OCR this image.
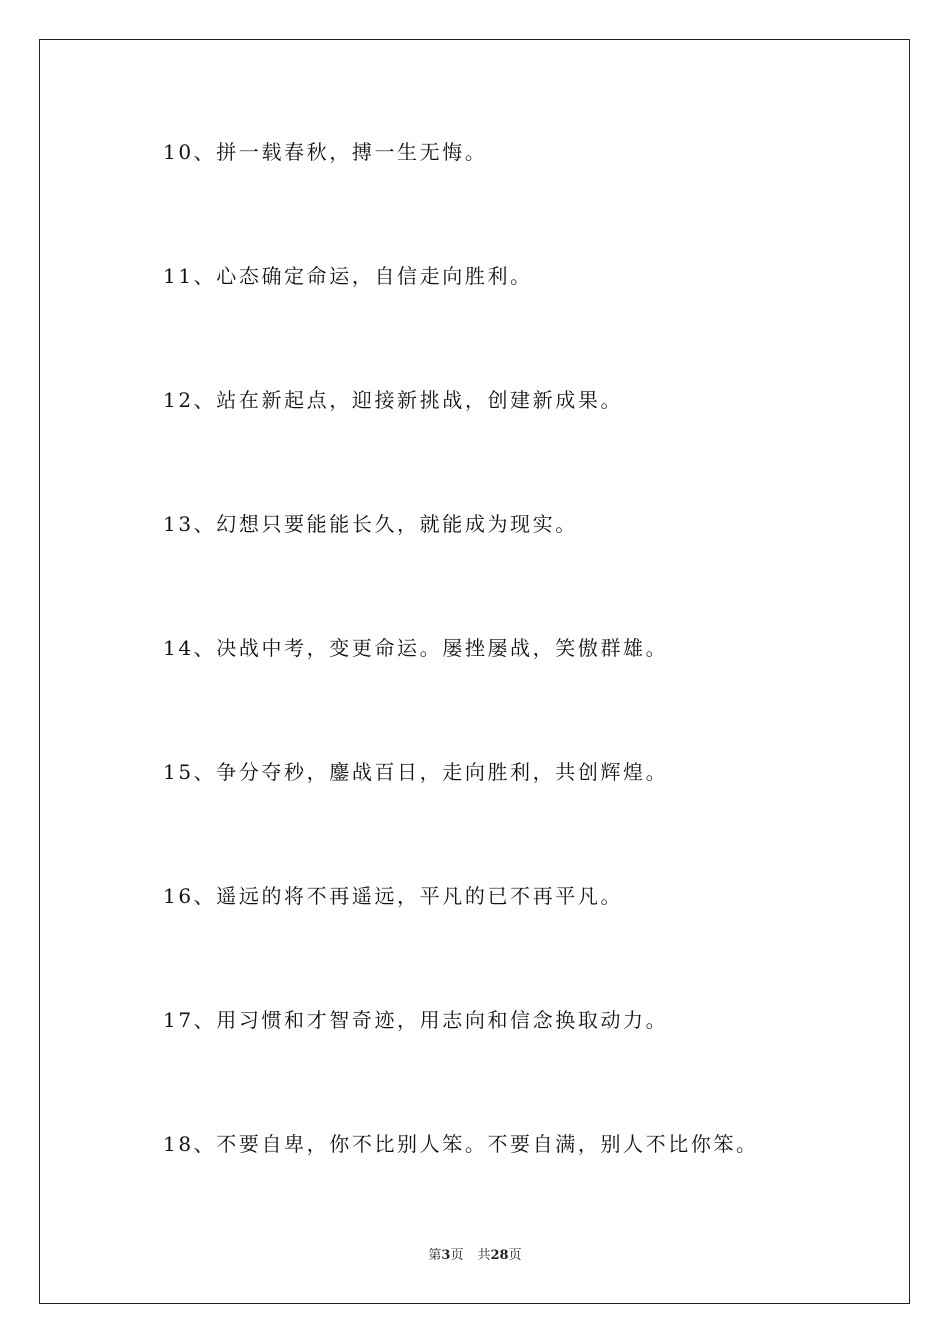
10、拼一载春秋，搏一生无悔。
11、心态确定命运，自信走向胜利。
12、站在新起点，迎接新挑战，创建新成果。
13、幻想只要能能长久，就能成为现实。
14、决战中考，变更命运。屡挫屡战，笑傲群雄。
15、争分夺秒，鏖战百日，走向胜利，共创辉煌。
16、遥远的将不再遥远，平凡的已不再平凡。
17、用习惯和才智奇迹，用志向和信念换取动力。
18、不要自卑，你不比别人笨。不要自满，别人不比你笨。
第3页 共28页
